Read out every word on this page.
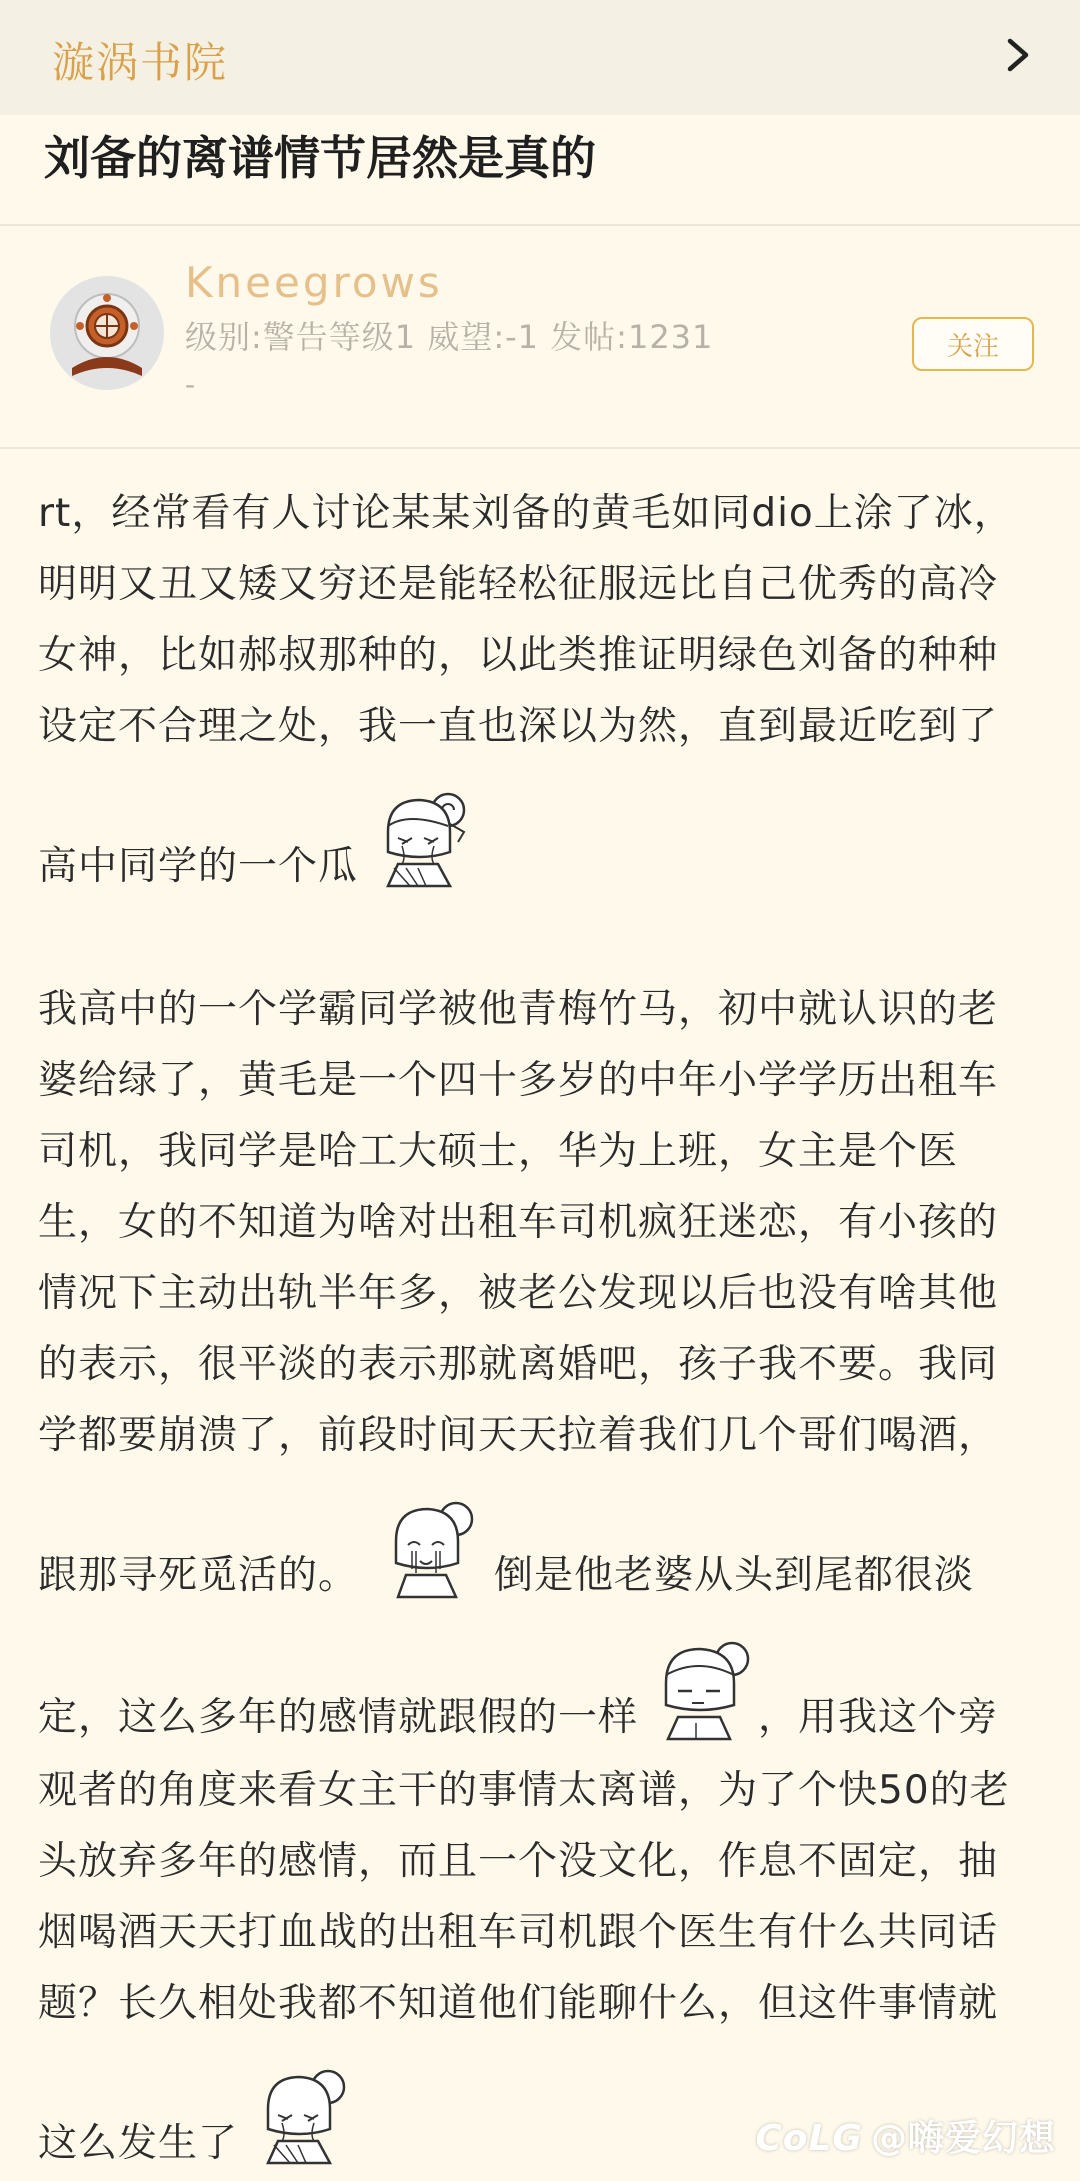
漩涡书院
刘备的离谱情节居然是真的
Kneegrows
级别:警告等级1 威望:-1 发帖:1231
-
关注
rt，经常看有人讨论某某刘备的黄毛如同dio上涂了冰，
明明又丑又矮又穷还是能轻松征服远比自己优秀的高冷
女神，比如郝叔那种的，以此类推证明绿色刘备的种种
设定不合理之处，我一直也深以为然，直到最近吃到了
高中同学的一个瓜
我高中的一个学霸同学被他青梅竹马，初中就认识的老
婆给绿了，黄毛是一个四十多岁的中年小学学历出租车
司机，我同学是哈工大硕士，华为上班，女主是个医
生，女的不知道为啥对出租车司机疯狂迷恋，有小孩的
情况下主动出轨半年多，被老公发现以后也没有啥其他
的表示，很平淡的表示那就离婚吧，孩子我不要。我同
学都要崩溃了，前段时间天天拉着我们几个哥们喝酒，
跟那寻死觅活的。	倒是他老婆从头到尾都很淡
定，这么多年的感情就跟假的一样	，用我这个旁
观者的角度来看女主干的事情太离谱，为了个快50的老
头放弃多年的感情，而且一个没文化，作息不固定，抽
烟喝酒天天打血战的出租车司机跟个医生有什么共同话
题？长久相处我都不知道他们能聊什么，但这件事情就
这么发生了	CoLG @嗨爱幻想
